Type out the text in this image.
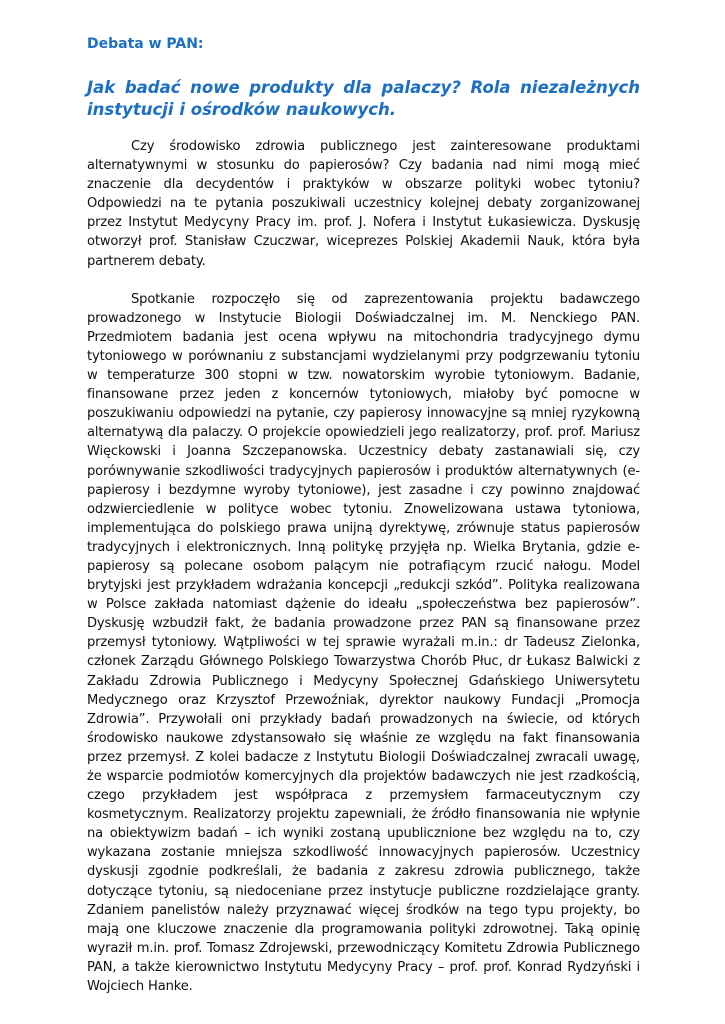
Debata w PAN:
Jak badać nowe produkty dla palaczy? Rola niezależnych instytucji i ośrodków naukowych.

Czy środowisko zdrowia publicznego jest zainteresowane produktami alternatywnymi w stosunku do papierosów? Czy badania nad nimi mogą mieć znaczenie dla decydentów i praktyków w obszarze polityki wobec tytoniu? Odpowiedzi na te pytania poszukiwali uczestnicy kolejnej debaty zorganizowanej przez Instytut Medycyny Pracy im. prof. J. Nofera i Instytut Łukasiewicza. Dyskusję otworzył prof. Stanisław Czuczwar, wiceprezes Polskiej Akademii Nauk, która była partnerem debaty.

Spotkanie rozpoczęło się od zaprezentowania projektu badawczego prowadzonego w Instytucie Biologii Doświadczalnej im. M. Nenckiego PAN. Przedmiotem badania jest ocena wpływu na mitochondria tradycyjnego dymu tytoniowego w porównaniu z substancjami wydzielanymi przy podgrzewaniu tytoniu w temperaturze 300 stopni w tzw. nowatorskim wyrobie tytoniowym. Badanie, finansowane przez jeden z koncernów tytoniowych, miałoby być pomocne w poszukiwaniu odpowiedzi na pytanie, czy papierosy innowacyjne są mniej ryzykowną alternatywą dla palaczy. O projekcie opowiedzieli jego realizatorzy, prof. prof. Mariusz Więckowski i Joanna Szczepanowska. Uczestnicy debaty zastanawiali się, czy porównywanie szkodliwości tradycyjnych papierosów i produktów alternatywnych (e-papierosy i bezdymne wyroby tytoniowe), jest zasadne i czy powinno znajdować odzwierciedlenie w polityce wobec tytoniu. Znowelizowana ustawa tytoniowa, implementująca do polskiego prawa unijną dyrektywę, zrównuje status papierosów tradycyjnych i elektronicznych. Inną politykę przyjęła np. Wielka Brytania, gdzie e-papierosy są polecane osobom palącym nie potrafiącym rzucić nałogu. Model brytyjski jest przykładem wdrażania koncepcji „redukcji szkód”. Polityka realizowana w Polsce zakłada natomiast dążenie do ideału „społeczeństwa bez papierosów”. Dyskusję wzbudził fakt, że badania prowadzone przez PAN są finansowane przez przemysł tytoniowy. Wątpliwości w tej sprawie wyrażali m.in.: dr Tadeusz Zielonka, członek Zarządu Głównego Polskiego Towarzystwa Chorób Płuc, dr Łukasz Balwicki z Zakładu Zdrowia Publicznego i Medycyny Społecznej Gdańskiego Uniwersytetu Medycznego oraz Krzysztof Przewoźniak, dyrektor naukowy Fundacji „Promocja Zdrowia”. Przywołali oni przykłady badań prowadzonych na świecie, od których środowisko naukowe zdystansowało się właśnie ze względu na fakt finansowania przez przemysł. Z kolei badacze z Instytutu Biologii Doświadczalnej zwracali uwagę, że wsparcie podmiotów komercyjnych dla projektów badawczych nie jest rzadkością, czego przykładem jest współpraca z przemysłem farmaceutycznym czy kosmetycznym. Realizatorzy projektu zapewniali, że źródło finansowania nie wpłynie na obiektywizm badań – ich wyniki zostaną upublicznione bez względu na to, czy wykazana zostanie mniejsza szkodliwość innowacyjnych papierosów. Uczestnicy dyskusji zgodnie podkreślali, że badania z zakresu zdrowia publicznego, także dotyczące tytoniu, są niedoceniane przez instytucje publiczne rozdzielające granty. Zdaniem panelistów należy przyznawać więcej środków na tego typu projekty, bo mają one kluczowe znaczenie dla programowania polityki zdrowotnej. Taką opinię wyraził m.in. prof. Tomasz Zdrojewski, przewodniczący Komitetu Zdrowia Publicznego PAN, a także kierownictwo Instytutu Medycyny Pracy – prof. prof. Konrad Rydzyński i Wojciech Hanke.
